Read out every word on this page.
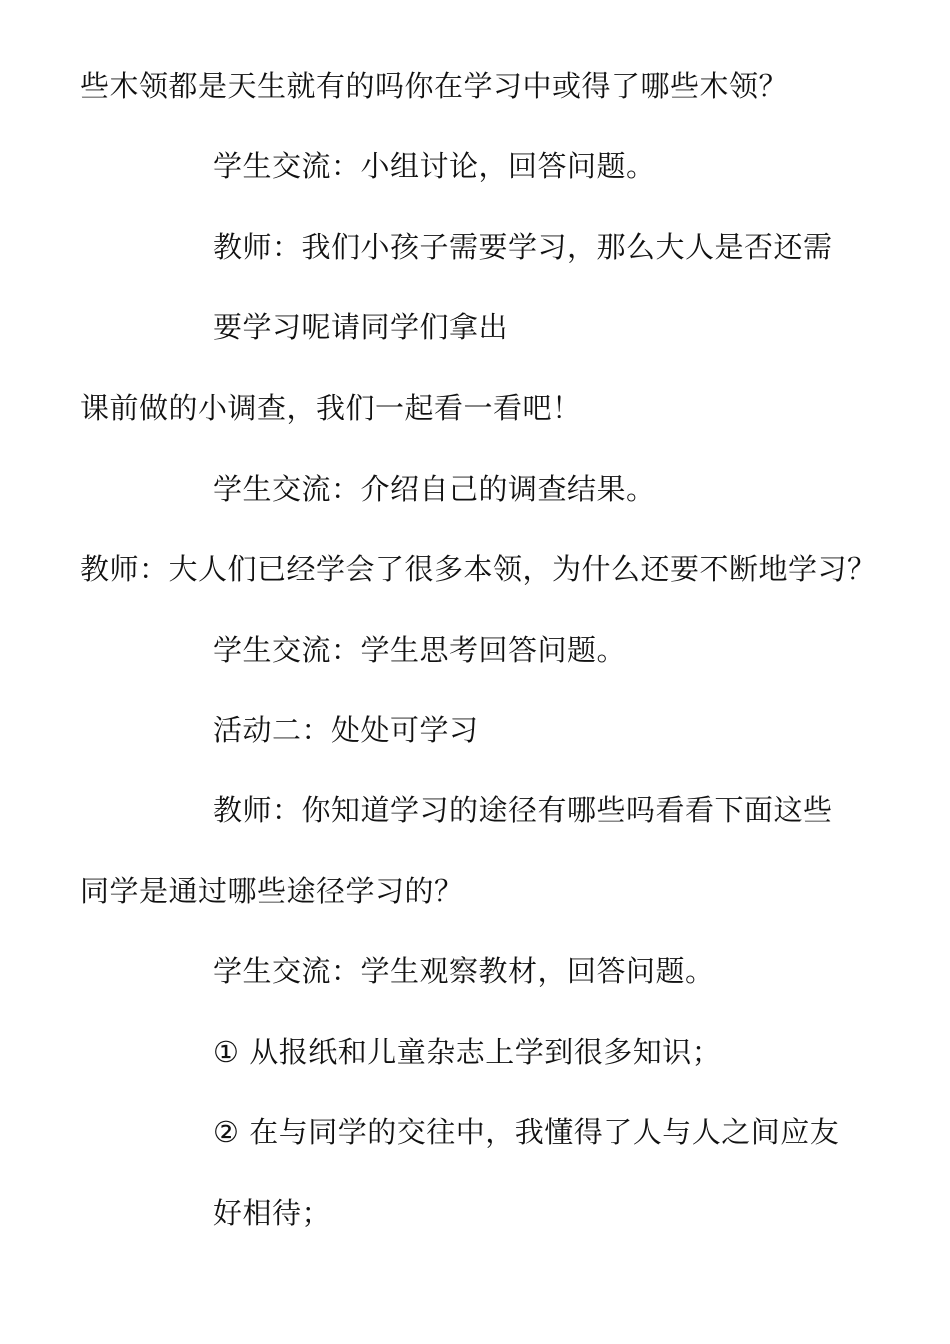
些木领都是天生就有的吗你在学习中或得了哪些木领？
学生交流：小组讨论，回答问题。
教师：我们小孩子需要学习，那么大人是否还需
要学习呢请同学们拿出
课前做的小调查，我们一起看一看吧！
学生交流：介绍自己的调查结果。
教师：大人们已经学会了很多本领，为什么还要不断地学习？
学生交流：学生思考回答问题。
活动二：处处可学习
教师：你知道学习的途径有哪些吗看看下面这些
同学是通过哪些途径学习的？
学生交流：学生观察教材，回答问题。
① 从报纸和儿童杂志上学到很多知识；
② 在与同学的交往中，我懂得了人与人之间应友
好相待；
